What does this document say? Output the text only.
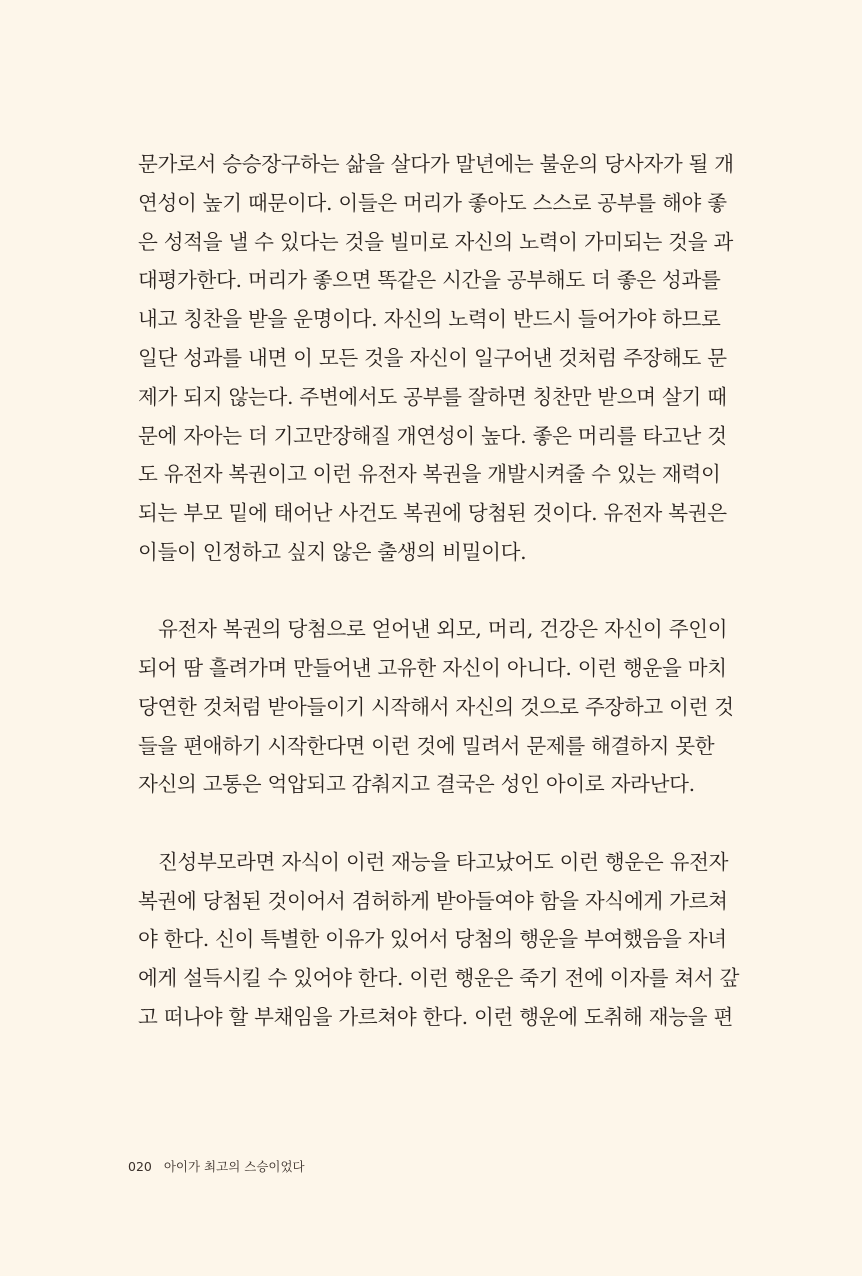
문가로서 승승장구하는 삶을 살다가 말년에는 불운의 당사자가 될 개
연성이 높기 때문이다. 이들은 머리가 좋아도 스스로 공부를 해야 좋
은 성적을 낼 수 있다는 것을 빌미로 자신의 노력이 가미되는 것을 과
대평가한다. 머리가 좋으면 똑같은 시간을 공부해도 더 좋은 성과를
내고 칭찬을 받을 운명이다. 자신의 노력이 반드시 들어가야 하므로
일단 성과를 내면 이 모든 것을 자신이 일구어낸 것처럼 주장해도 문
제가 되지 않는다. 주변에서도 공부를 잘하면 칭찬만 받으며 살기 때
문에 자아는 더 기고만장해질 개연성이 높다. 좋은 머리를 타고난 것
도 유전자 복권이고 이런 유전자 복권을 개발시켜줄 수 있는 재력이
되는 부모 밑에 태어난 사건도 복권에 당첨된 것이다. 유전자 복권은
이들이 인정하고 싶지 않은 출생의 비밀이다.

유전자 복권의 당첨으로 얻어낸 외모, 머리, 건강은 자신이 주인이
되어 땀 흘려가며 만들어낸 고유한 자신이 아니다. 이런 행운을 마치
당연한 것처럼 받아들이기 시작해서 자신의 것으로 주장하고 이런 것
들을 편애하기 시작한다면 이런 것에 밀려서 문제를 해결하지 못한
자신의 고통은 억압되고 감춰지고 결국은 성인 아이로 자라난다.

진성부모라면 자식이 이런 재능을 타고났어도 이런 행운은 유전자
복권에 당첨된 것이어서 겸허하게 받아들여야 함을 자식에게 가르쳐
야 한다. 신이 특별한 이유가 있어서 당첨의 행운을 부여했음을 자녀
에게 설득시킬 수 있어야 한다. 이런 행운은 죽기 전에 이자를 쳐서 갚
고 떠나야 할 부채임을 가르쳐야 한다. 이런 행운에 도취해 재능을 편

020 아이가 최고의 스승이었다
